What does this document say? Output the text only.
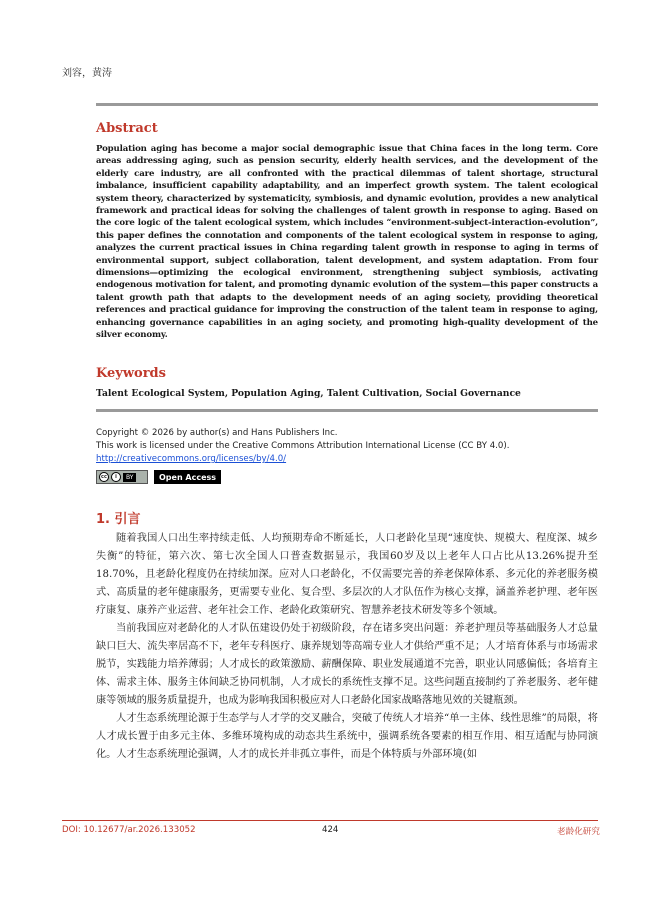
刘容，黄涛
Abstract
Population aging has become a major social demographic issue that China faces in the long term. Core areas addressing aging, such as pension security, elderly health services, and the development of the elderly care industry, are all confronted with the practical dilemmas of talent shortage, structural imbalance, insufficient capability adaptability, and an imperfect growth system. The talent ecological system theory, characterized by systematicity, symbiosis, and dynamic evolution, provides a new analytical framework and practical ideas for solving the challenges of talent growth in response to aging. Based on the core logic of the talent ecological system, which includes “environment-subject-interaction-evolution”, this paper defines the connotation and components of the talent ecological system in response to aging, analyzes the current practical issues in China regarding talent growth in response to aging in terms of environmental support, subject collaboration, talent development, and system adaptation. From four dimensions—optimizing the ecological environment, strengthening subject symbiosis, activating endogenous motivation for talent, and promoting dynamic evolution of the system—this paper constructs a talent growth path that adapts to the development needs of an aging society, providing theoretical references and practical guidance for improving the construction of the talent team in response to aging, enhancing governance capabilities in an aging society, and promoting high-quality development of the silver economy.
Keywords
Talent Ecological System, Population Aging, Talent Cultivation, Social Governance
Copyright © 2026 by author(s) and Hans Publishers Inc.
This work is licensed under the Creative Commons Attribution International License (CC BY 4.0).
http://creativecommons.org/licenses/by/4.0/
cc	i	BY	Open Access
1. 引言

随着我国人口出生率持续走低、人均预期寿命不断延长，人口老龄化呈现“速度快、规模大、程度深、城乡失衡”的特征，第六次、第七次全国人口普查数据显示，我国60岁及以上老年人口占比从13.26%提升至18.70%，且老龄化程度仍在持续加深。应对人口老龄化，不仅需要完善的养老保障体系、多元化的养老服务模式、高质量的老年健康服务，更需要专业化、复合型、多层次的人才队伍作为核心支撑，涵盖养老护理、老年医疗康复、康养产业运营、老年社会工作、老龄化政策研究、智慧养老技术研发等多个领域。

当前我国应对老龄化的人才队伍建设仍处于初级阶段，存在诸多突出问题：养老护理员等基础服务人才总量缺口巨大、流失率居高不下，老年专科医疗、康养规划等高端专业人才供给严重不足；人才培育体系与市场需求脱节，实践能力培养薄弱；人才成长的政策激励、薪酬保障、职业发展通道不完善，职业认同感偏低；各培育主体、需求主体、服务主体间缺乏协同机制，人才成长的系统性支撑不足。这些问题直接制约了养老服务、老年健康等领域的服务质量提升，也成为影响我国积极应对人口老龄化国家战略落地见效的关键瓶颈。

人才生态系统理论源于生态学与人才学的交叉融合，突破了传统人才培养“单一主体、线性思维”的局限，将人才成长置于由多元主体、多维环境构成的动态共生系统中，强调系统各要素的相互作用、相互适配与协同演化。人才生态系统理论强调，人才的成长并非孤立事件，而是个体特质与外部环境(如

DOI: 10.12677/ar.2026.133052	424	老龄化研究
